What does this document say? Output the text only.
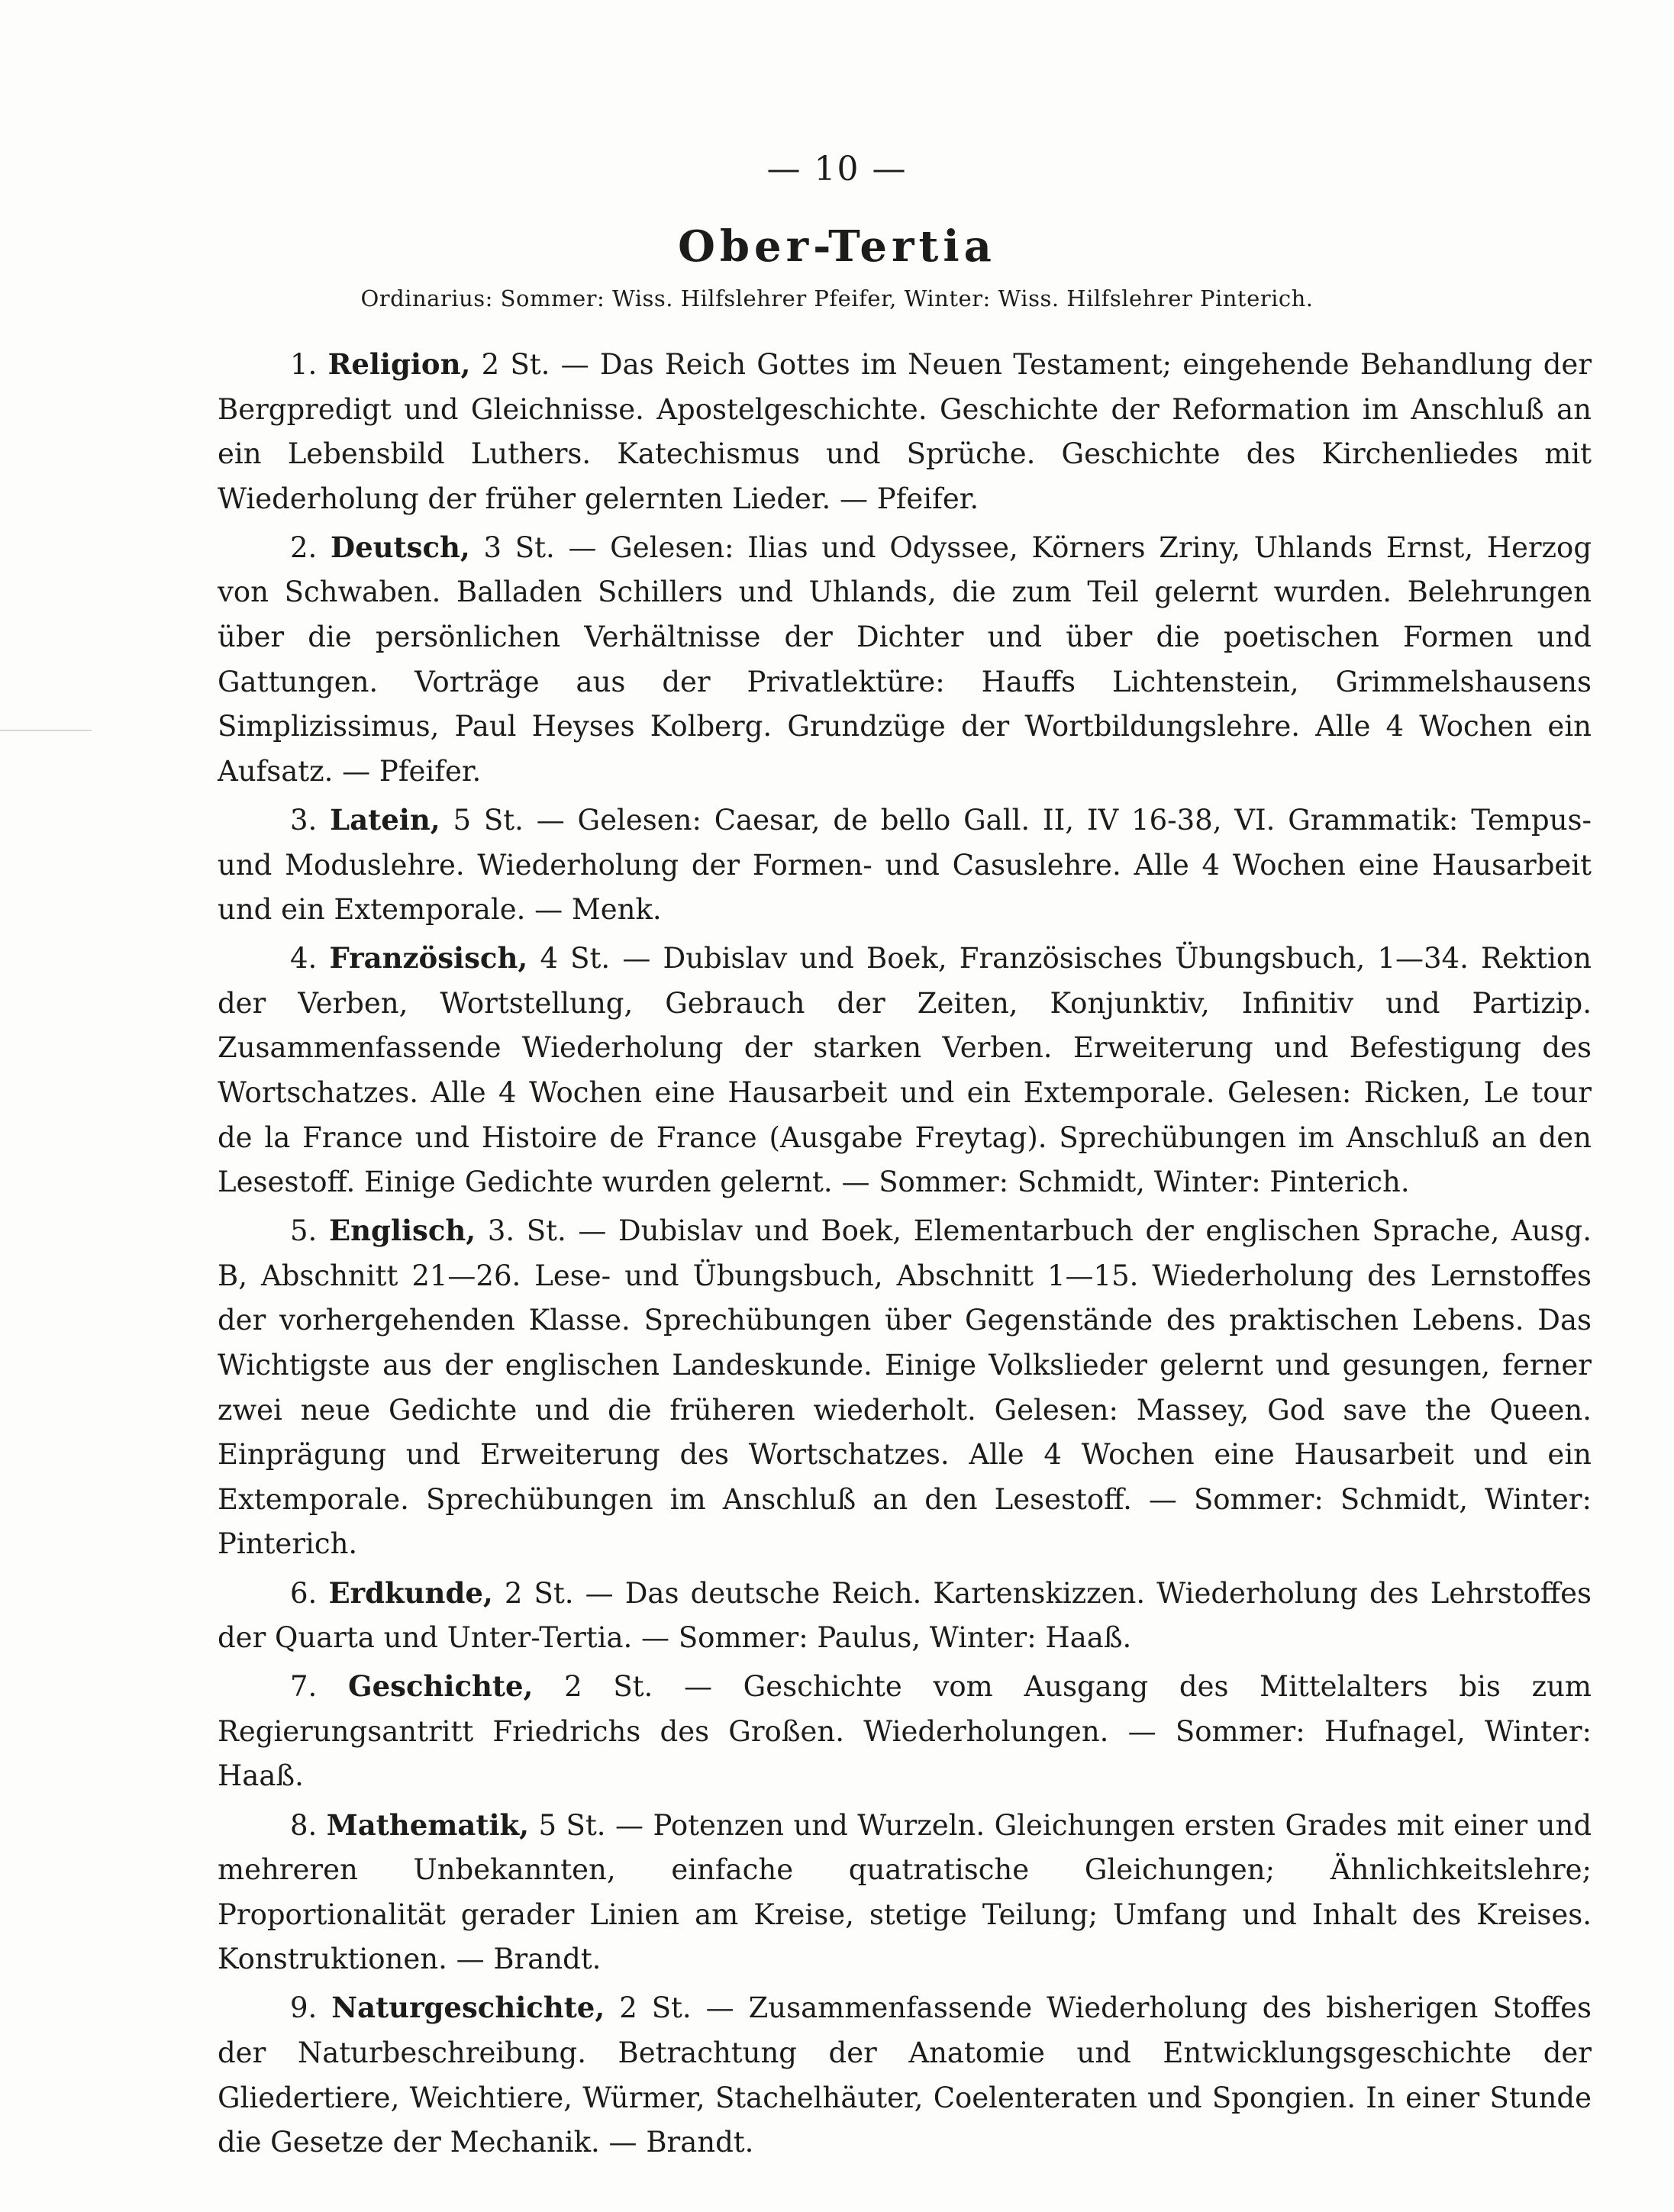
— 10 —
Ober-Tertia
Ordinarius: Sommer: Wiss. Hilfslehrer Pfeifer, Winter: Wiss. Hilfslehrer Pinterich.

1. Religion, 2 St. — Das Reich Gottes im Neuen Testament; eingehende Behandlung der Bergpredigt und Gleichnisse. Apostelgeschichte. Geschichte der Reformation im Anschluß an ein Lebensbild Luthers. Katechismus und Sprüche. Geschichte des Kirchenliedes mit Wiederholung der früher gelernten Lieder. — Pfeifer.

2. Deutsch, 3 St. — Gelesen: Ilias und Odyssee, Körners Zriny, Uhlands Ernst, Herzog von Schwaben. Balladen Schillers und Uhlands, die zum Teil gelernt wurden. Belehrungen über die persönlichen Verhältnisse der Dichter und über die poetischen Formen und Gattungen. Vorträge aus der Privatlektüre: Hauffs Lichtenstein, Grimmelshausens Simplizissimus, Paul Heyses Kolberg. Grundzüge der Wortbildungslehre. Alle 4 Wochen ein Aufsatz. — Pfeifer.

3. Latein, 5 St. — Gelesen: Caesar, de bello Gall. II, IV 16-38, VI. Grammatik: Tempus- und Moduslehre. Wiederholung der Formen- und Casuslehre. Alle 4 Wochen eine Hausarbeit und ein Extemporale. — Menk.

4. Französisch, 4 St. — Dubislav und Boek, Französisches Übungsbuch, 1—34. Rektion der Verben, Wortstellung, Gebrauch der Zeiten, Konjunktiv, Infinitiv und Partizip. Zusammenfassende Wiederholung der starken Verben. Erweiterung und Befestigung des Wortschatzes. Alle 4 Wochen eine Hausarbeit und ein Extemporale. Gelesen: Ricken, Le tour de la France und Histoire de France (Ausgabe Freytag). Sprechübungen im Anschluß an den Lesestoff. Einige Gedichte wurden gelernt. — Sommer: Schmidt, Winter: Pinterich.

5. Englisch, 3. St. — Dubislav und Boek, Elementarbuch der englischen Sprache, Ausg. B, Abschnitt 21—26. Lese- und Übungsbuch, Abschnitt 1—15. Wiederholung des Lernstoffes der vorhergehenden Klasse. Sprechübungen über Gegenstände des praktischen Lebens. Das Wichtigste aus der englischen Landeskunde. Einige Volkslieder gelernt und gesungen, ferner zwei neue Gedichte und die früheren wiederholt. Gelesen: Massey, God save the Queen. Einprägung und Erweiterung des Wortschatzes. Alle 4 Wochen eine Hausarbeit und ein Extemporale. Sprechübungen im Anschluß an den Lesestoff. — Sommer: Schmidt, Winter: Pinterich.

6. Erdkunde, 2 St. — Das deutsche Reich. Kartenskizzen. Wiederholung des Lehrstoffes der Quarta und Unter-Tertia. — Sommer: Paulus, Winter: Haaß.

7. Geschichte, 2 St. — Geschichte vom Ausgang des Mittelalters bis zum Regierungsantritt Friedrichs des Großen. Wiederholungen. — Sommer: Hufnagel, Winter: Haaß.

8. Mathematik, 5 St. — Potenzen und Wurzeln. Gleichungen ersten Grades mit einer und mehreren Unbekannten, einfache quatratische Gleichungen; Ähnlichkeitslehre; Proportionalität gerader Linien am Kreise, stetige Teilung; Umfang und Inhalt des Kreises. Konstruktionen. — Brandt.

9. Naturgeschichte, 2 St. — Zusammenfassende Wiederholung des bisherigen Stoffes der Naturbeschreibung. Betrachtung der Anatomie und Entwicklungsgeschichte der Gliedertiere, Weichtiere, Würmer, Stachelhäuter, Coelenteraten und Spongien. In einer Stunde die Gesetze der Mechanik. — Brandt.
